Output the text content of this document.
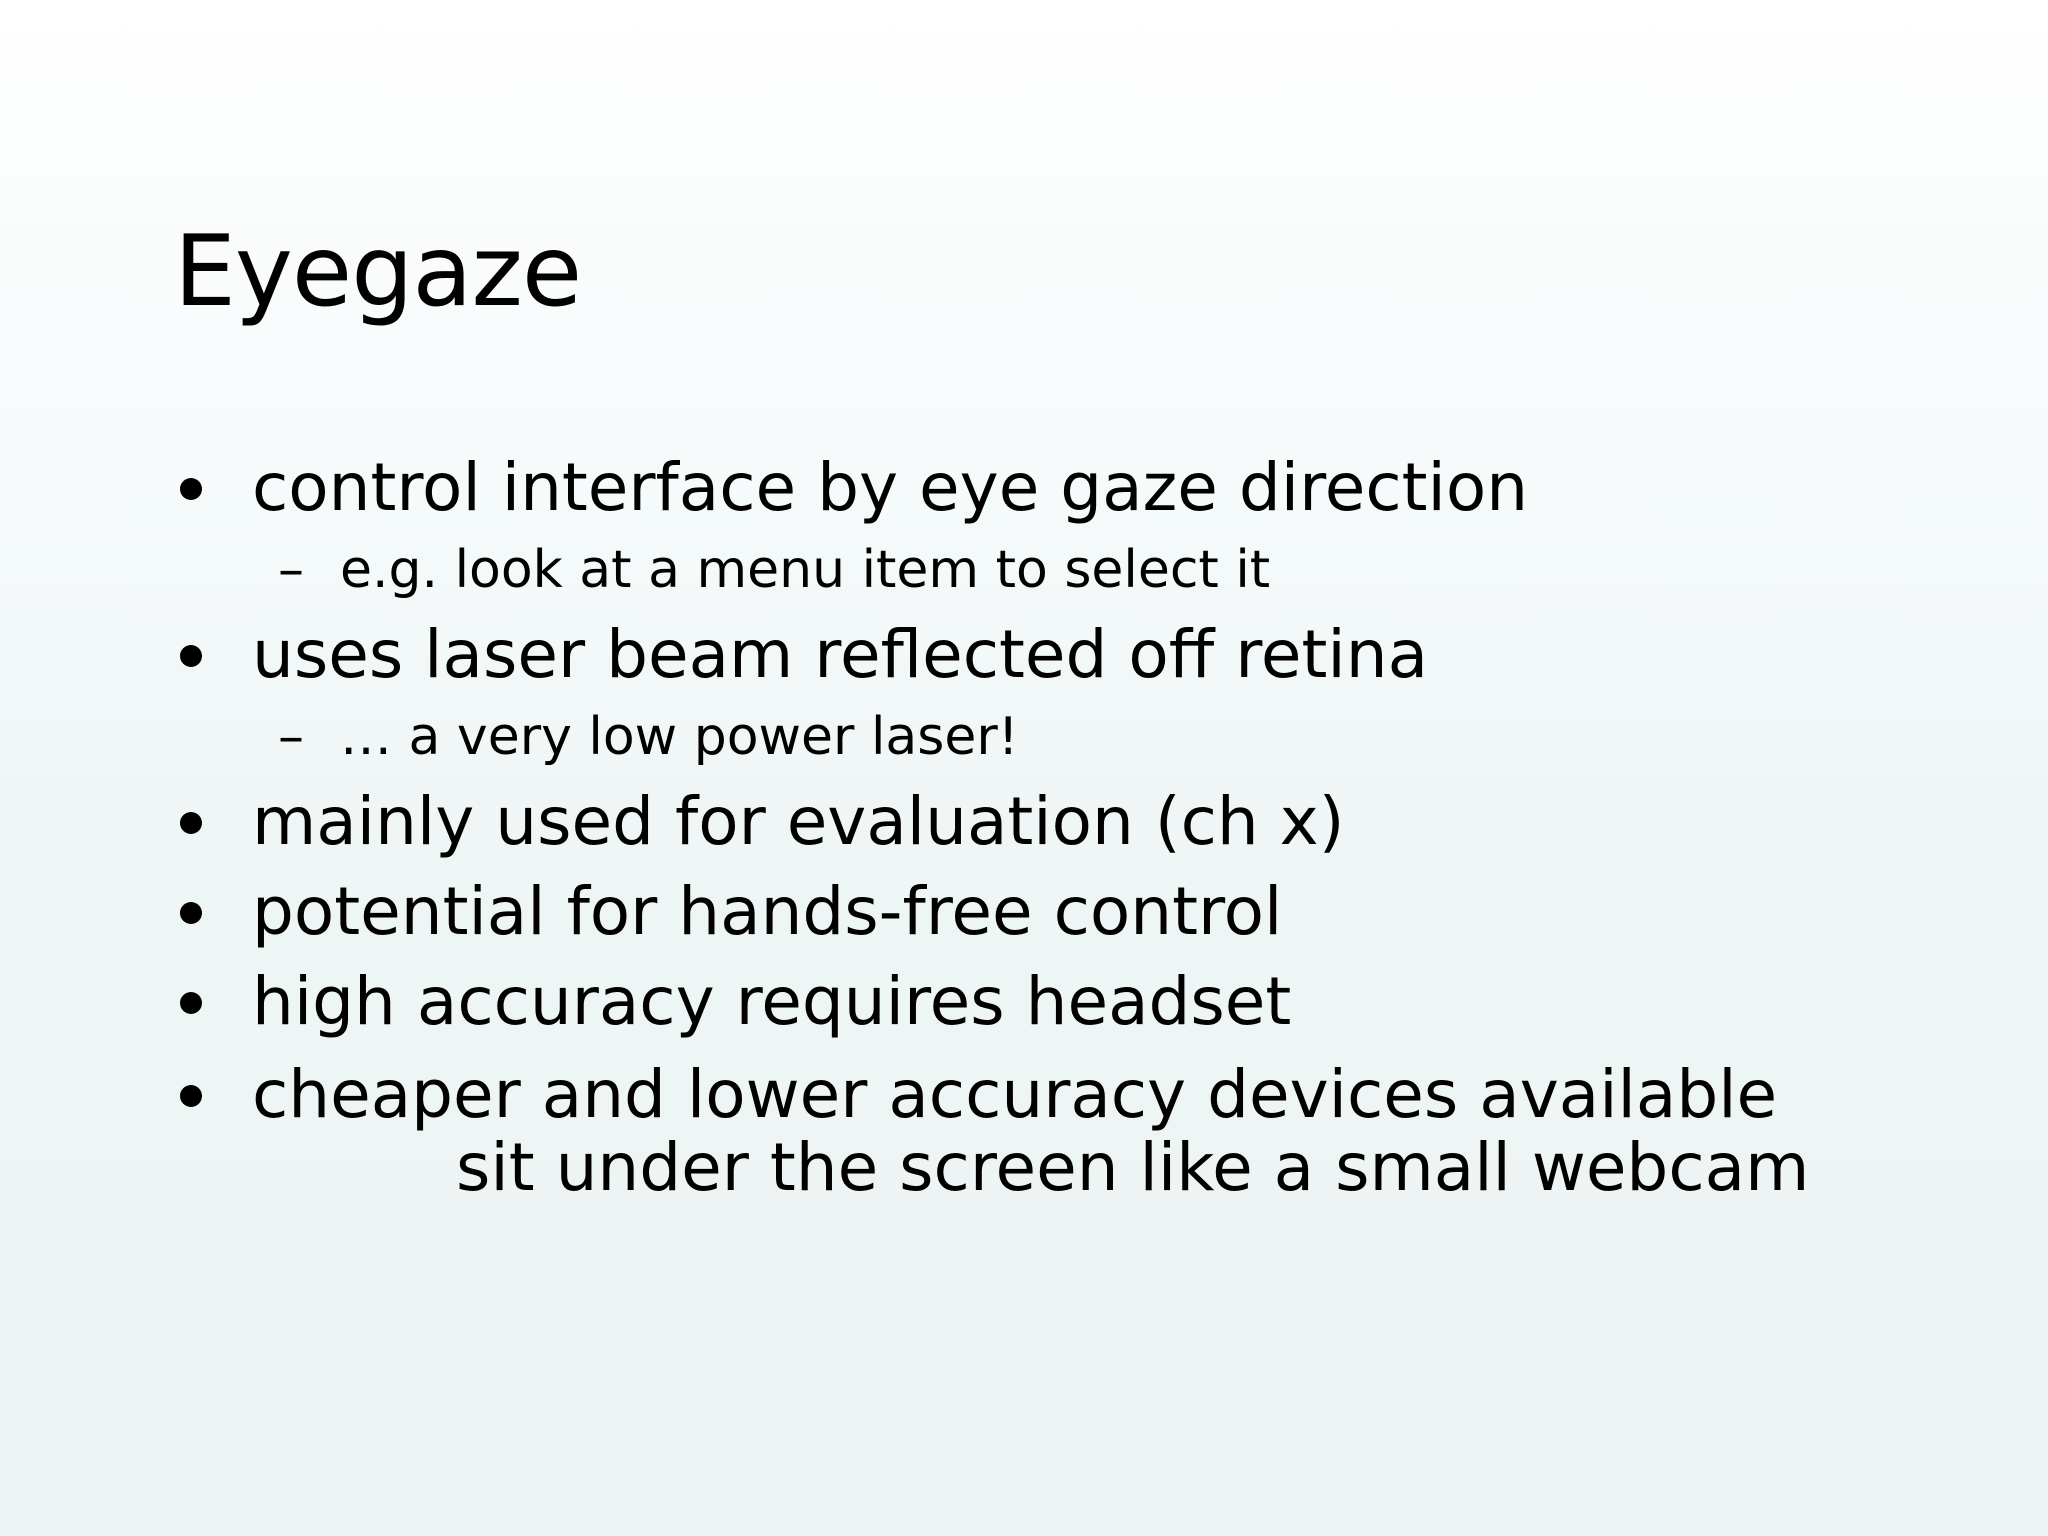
Eyegaze
control interface by eye gaze direction
– e.g. look at a menu item to select it
uses laser beam reflected off retina
– … a very low power laser!
mainly used for evaluation (ch x)
potential for hands-free control
high accuracy requires headset
cheaper and lower accuracy devices available
sit under the screen like a small webcam
